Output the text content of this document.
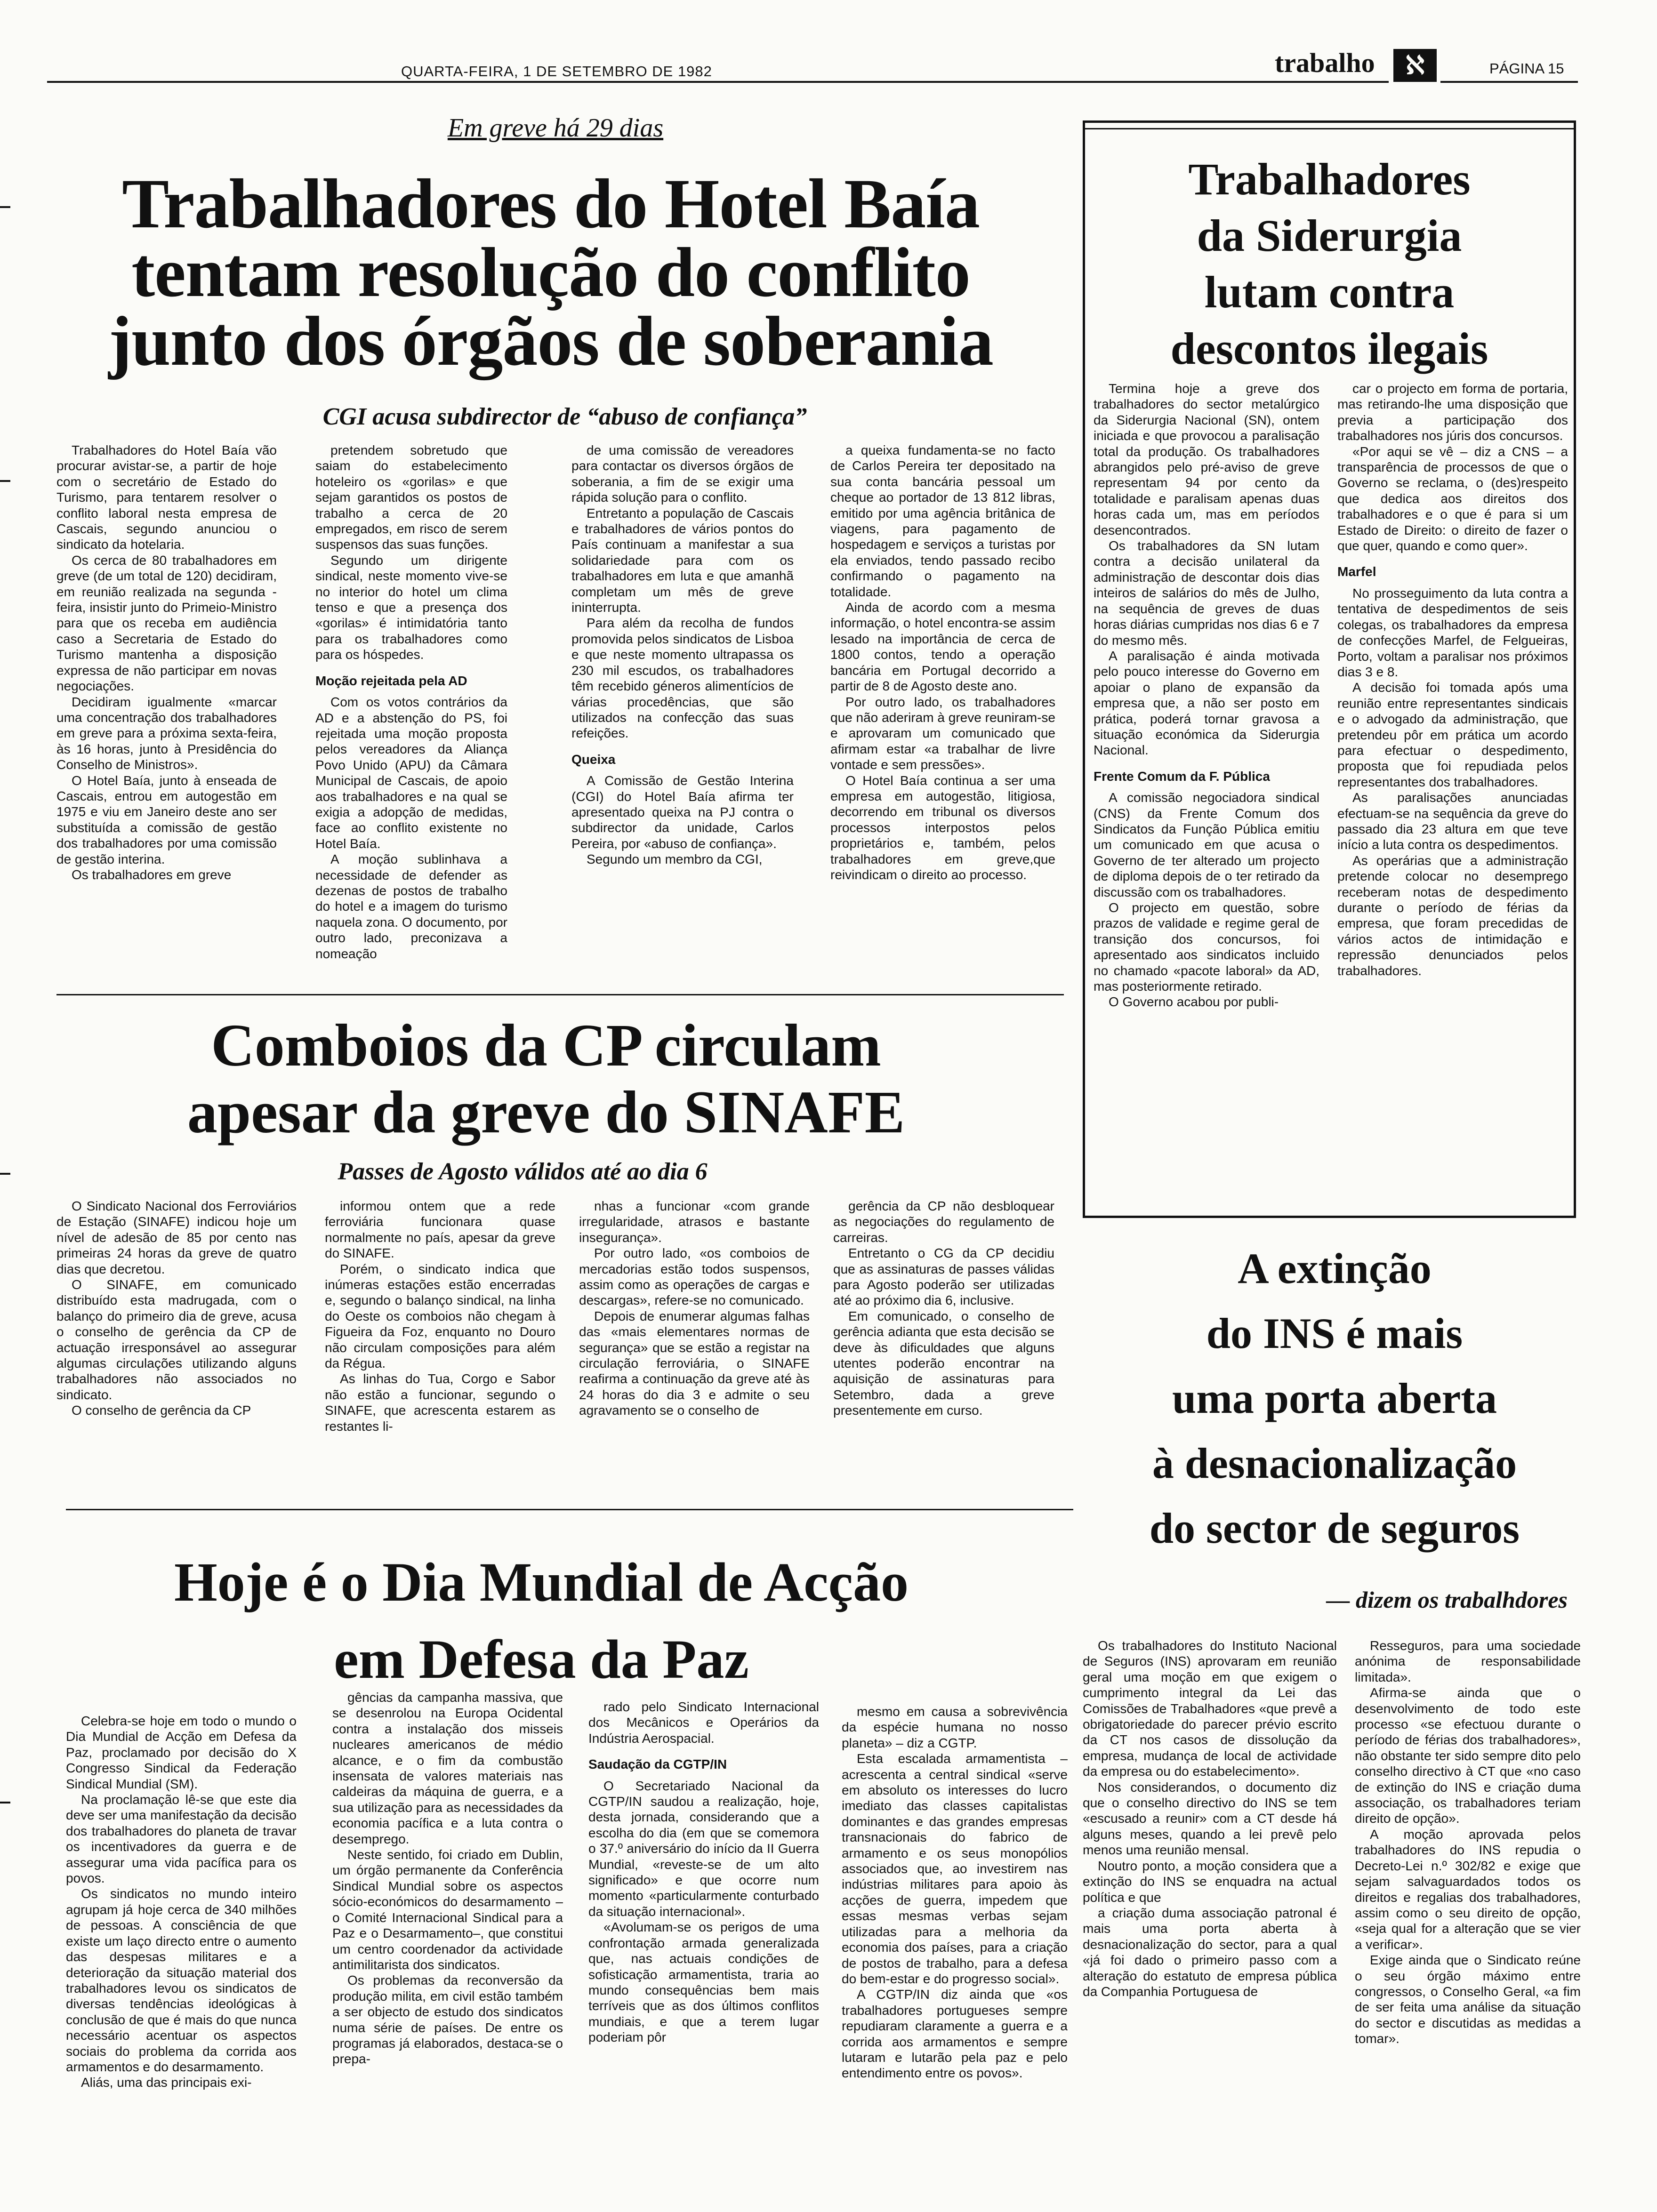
QUARTA-FEIRA, 1 DE SETEMBRO DE 1982	trabalho	ℵ	PÁGINA 15
Em greve há 29 dias
Trabalhadores do Hotel Baía
tentam resolução do conflito
junto dos órgãos de soberania
CGI acusa subdirector de “abuso de confiança”

Trabalhadores do Hotel Baía vão procurar avistar-se, a partir de hoje com o secretário de Estado do Turismo, para tentarem resolver o conflito laboral nesta empresa de Cascais, segundo anunciou o sindicato da hotelaria.

Os cerca de 80 trabalhadores em greve (de um total de 120) decidiram, em reunião realizada na segunda - feira, insistir junto do Primeio-Ministro para que os receba em audiência caso a Secretaria de Estado do Turismo mantenha a disposição expressa de não participar em novas negociações.

Decidiram igualmente «marcar uma concentração dos trabalhadores em greve para a próxima sexta-feira, às 16 horas, junto à Presidência do Conselho de Ministros».

O Hotel Baía, junto à enseada de Cascais, entrou em autogestão em 1975 e viu em Janeiro deste ano ser substituída a comissão de gestão dos trabalhadores por uma comissão de gestão interina.

Os trabalhadores em greve

pretendem sobretudo que saiam do estabelecimento hoteleiro os «gorilas» e que sejam garantidos os postos de trabalho a cerca de 20 empregados, em risco de serem suspensos das suas funções.

Segundo um dirigente sindical, neste momento vive-se no interior do hotel um clima tenso e que a presença dos «gorilas» é intimidatória tanto para os trabalhadores como para os hóspedes.

Moção rejeitada pela AD

Com os votos contrários da AD e a abstenção do PS, foi rejeitada uma moção proposta pelos vereadores da Aliança Povo Unido (APU) da Câmara Municipal de Cascais, de apoio aos trabalhadores e na qual se exigia a adopção de medidas, face ao conflito existente no Hotel Baía.

A moção sublinhava a necessidade de defender as dezenas de postos de trabalho do hotel e a imagem do turismo naquela zona. O documento, por outro lado, preconizava a nomeação

de uma comissão de vereadores para contactar os diversos órgãos de soberania, a fim de se exigir uma rápida solução para o conflito.

Entretanto a população de Cascais e trabalhadores de vários pontos do País continuam a manifestar a sua solidariedade para com os trabalhadores em luta e que amanhã completam um mês de greve ininterrupta.

Para além da recolha de fundos promovida pelos sindicatos de Lisboa e que neste momento ultrapassa os 230 mil escudos, os trabalhadores têm recebido géneros alimentícios de várias procedências, que são utilizados na confecção das suas refeições.

Queixa

A Comissão de Gestão Interina (CGI) do Hotel Baía afirma ter apresentado queixa na PJ contra o subdirector da unidade, Carlos Pereira, por «abuso de confiança».

Segundo um membro da CGI,

a queixa fundamenta-se no facto de Carlos Pereira ter depositado na sua conta bancária pessoal um cheque ao portador de 13 812 libras, emitido por uma agência britânica de viagens, para pagamento de hospedagem e serviços a turistas por ela enviados, tendo passado recibo confirmando o pagamento na totalidade.

Ainda de acordo com a mesma informação, o hotel encontra-se assim lesado na importância de cerca de 1800 contos, tendo a operação bancária em Portugal decorrido a partir de 8 de Agosto deste ano.

Por outro lado, os trabalhadores que não aderiram à greve reuniram-se e aprovaram um comunicado que afirmam estar «a trabalhar de livre vontade e sem pressões».

O Hotel Baía continua a ser uma empresa em autogestão, litigiosa, decorrendo em tribunal os diversos processos interpostos pelos proprietários e, também, pelos trabalhadores em greve,que reivindicam o direito ao processo.

Trabalhadores
da Siderurgia
lutam contra
descontos ilegais

Termina hoje a greve dos trabalhadores do sector metalúrgico da Siderurgia Nacional (SN), ontem iniciada e que provocou a paralisação total da produção. Os trabalhadores abrangidos pelo pré-aviso de greve representam 94 por cento da totalidade e paralisam apenas duas horas cada um, mas em períodos desencontrados.

Os trabalhadores da SN lutam contra a decisão unilateral da administração de descontar dois dias inteiros de salários do mês de Julho, na sequência de greves de duas horas diárias cumpridas nos dias 6 e 7 do mesmo mês.

A paralisação é ainda motivada pelo pouco interesse do Governo em apoiar o plano de expansão da empresa que, a não ser posto em prática, poderá tornar gravosa a situação económica da Siderurgia Nacional.

Frente Comum da F. Pública

A comissão negociadora sindical (CNS) da Frente Comum dos Sindicatos da Função Pública emitiu um comunicado em que acusa o Governo de ter alterado um projecto de diploma depois de o ter retirado da discussão com os trabalhadores.

O projecto em questão, sobre prazos de validade e regime geral de transição dos concursos, foi apresentado aos sindicatos incluido no chamado «pacote laboral» da AD, mas posteriormente retirado.

O Governo acabou por publi-

car o projecto em forma de portaria, mas retirando-lhe uma disposição que previa a participação dos trabalhadores nos júris dos concursos.

«Por aqui se vê – diz a CNS – a transparência de processos de que o Governo se reclama, o (des)respeito que dedica aos direitos dos trabalhadores e o que é para si um Estado de Direito: o direito de fazer o que quer, quando e como quer».

Marfel

No prosseguimento da luta contra a tentativa de despedimentos de seis colegas, os trabalhadores da empresa de confecções Marfel, de Felgueiras, Porto, voltam a paralisar nos próximos dias 3 e 8.

A decisão foi tomada após uma reunião entre representantes sindicais e o advogado da administração, que pretendeu pôr em prática um acordo para efectuar o despedimento, proposta que foi repudiada pelos representantes dos trabalhadores.

As paralisações anunciadas efectuam-se na sequência da greve do passado dia 23 altura em que teve início a luta contra os despedimentos.

As operárias que a administração pretende colocar no desemprego receberam notas de despedimento durante o período de férias da empresa, que foram precedidas de vários actos de intimidação e repressão denunciados pelos trabalhadores.

Comboios da CP circulam
apesar da greve do SINAFE
Passes de Agosto válidos até ao dia 6

O Sindicato Nacional dos Ferroviários de Estação (SINAFE) indicou hoje um nível de adesão de 85 por cento nas primeiras 24 horas da greve de quatro dias que decretou.

O SINAFE, em comunicado distribuído esta madrugada, com o balanço do primeiro dia de greve, acusa o conselho de gerência da CP de actuação irresponsável ao assegurar algumas circulações utilizando alguns trabalhadores não associados no sindicato.

O conselho de gerência da CP

informou ontem que a rede ferroviária funcionara quase normalmente no país, apesar da greve do SINAFE.

Porém, o sindicato indica que inúmeras estações estão encerradas e, segundo o balanço sindical, na linha do Oeste os comboios não chegam à Figueira da Foz, enquanto no Douro não circulam composições para além da Régua.

As linhas do Tua, Corgo e Sabor não estão a funcionar, segundo o SINAFE, que acrescenta estarem as restantes li-

nhas a funcionar «com grande irregularidade, atrasos e bastante insegurança».

Por outro lado, «os comboios de mercadorias estão todos suspensos, assim como as operações de cargas e descargas», refere-se no comunicado.

Depois de enumerar algumas falhas das «mais elementares normas de segurança» que se estão a registar na circulação ferroviária, o SINAFE reafirma a continuação da greve até às 24 horas do dia 3 e admite o seu agravamento se o conselho de

gerência da CP não desbloquear as negociações do regulamento de carreiras.

Entretanto o CG da CP decidiu que as assinaturas de passes válidas para Agosto poderão ser utilizadas até ao próximo dia 6, inclusive.

Em comunicado, o conselho de gerência adianta que esta decisão se deve às dificuldades que alguns utentes poderão encontrar na aquisição de assinaturas para Setembro, dada a greve presentemente em curso.

A extinção
do INS é mais
uma porta aberta
à desnacionalização
do sector de seguros
— dizem os trabalhdores

Os trabalhadores do Instituto Nacional de Seguros (INS) aprovaram em reunião geral uma moção em que exigem o cumprimento integral da Lei das Comissões de Trabalhadores «que prevê a obrigatoriedade do parecer prévio escrito da CT nos casos de dissolução da empresa, mudança de local de actividade da empresa ou do estabelecimento».

Nos considerandos, o documento diz que o conselho directivo do INS se tem «escusado a reunir» com a CT desde há alguns meses, quando a lei prevê pelo menos uma reunião mensal.

Noutro ponto, a moção considera que a extinção do INS se enquadra na actual política e que

a criação duma associação patronal é mais uma porta aberta à desnacionalização do sector, para a qual «já foi dado o primeiro passo com a alteração do estatuto de empresa pública da Companhia Portuguesa de

Resseguros, para uma sociedade anónima de responsabilidade limitada».

Afirma-se ainda que o desenvolvimento de todo este processo «se efectuou durante o período de férias dos trabalhadores», não obstante ter sido sempre dito pelo conselho directivo à CT que «no caso de extinção do INS e criação duma associação, os trabalhadores teriam direito de opção».

A moção aprovada pelos trabalhadores do INS repudia o Decreto-Lei n.º 302/82 e exige que sejam salvaguardados todos os direitos e regalias dos trabalhadores, assim como o seu direito de opção, «seja qual for a alteração que se vier a verificar».

Exige ainda que o Sindicato reúne o seu órgão máximo entre congressos, o Conselho Geral, «a fim de ser feita uma análise da situação do sector e discutidas as medidas a tomar».

Hoje é o Dia Mundial de Acção
em Defesa da Paz

Celebra-se hoje em todo o mundo o Dia Mundial de Acção em Defesa da Paz, proclamado por decisão do X Congresso Sindical da Federação Sindical Mundial (SM).

Na proclamação lê-se que este dia deve ser uma manifestação da decisão dos trabalhadores do planeta de travar os incentivadores da guerra e de assegurar uma vida pacífica para os povos.

Os sindicatos no mundo inteiro agrupam já hoje cerca de 340 milhões de pessoas. A consciência de que existe um laço directo entre o aumento das despesas militares e a deterioração da situação material dos trabalhadores levou os sindicatos de diversas tendências ideológicas à conclusão de que é mais do que nunca necessário acentuar os aspectos sociais do problema da corrida aos armamentos e do desarmamento.

Aliás, uma das principais exi-

gências da campanha massiva, que se desenrolou na Europa Ocidental contra a instalação dos misseis nucleares americanos de médio alcance, e o fim da combustão insensata de valores materiais nas caldeiras da máquina de guerra, e a sua utilização para as necessidades da economia pacífica e a luta contra o desemprego.

Neste sentido, foi criado em Dublin, um órgão permanente da Conferência Sindical Mundial sobre os aspectos sócio-económicos do desarmamento – o Comité Internacional Sindical para a Paz e o Desarmamento–, que constitui um centro coordenador da actividade antimilitarista dos sindicatos.

Os problemas da reconversão da produção milita, em civil estão também a ser objecto de estudo dos sindicatos numa série de países. De entre os programas já elaborados, destaca-se o prepa-

rado pelo Sindicato Internacional dos Mecânicos e Operários da Indústria Aerospacial.

Saudação da CGTP/IN

O Secretariado Nacional da CGTP/IN saudou a realização, hoje, desta jornada, considerando que a escolha do dia (em que se comemora o 37.º aniversário do início da II Guerra Mundial, «reveste-se de um alto significado» e que ocorre num momento «particularmente conturbado da situação internacional».

«Avolumam-se os perigos de uma confrontação armada generalizada que, nas actuais condições de sofisticação armamentista, traria ao mundo consequências bem mais terríveis que as dos últimos conflitos mundiais, e que a terem lugar poderiam pôr

mesmo em causa a sobrevivência da espécie humana no nosso planeta» – diz a CGTP.

Esta escalada armamentista – acrescenta a central sindical «serve em absoluto os interesses do lucro imediato das classes capitalistas dominantes e das grandes empresas transnacionais do fabrico de armamento e os seus monopólios associados que, ao investirem nas indústrias militares para apoio às acções de guerra, impedem que essas mesmas verbas sejam utilizadas para a melhoria da economia dos países, para a criação de postos de trabalho, para a defesa do bem-estar e do progresso social».

A CGTP/IN diz ainda que «os trabalhadores portugueses sempre repudiaram claramente a guerra e a corrida aos armamentos e sempre lutaram e lutarão pela paz e pelo entendimento entre os povos».
